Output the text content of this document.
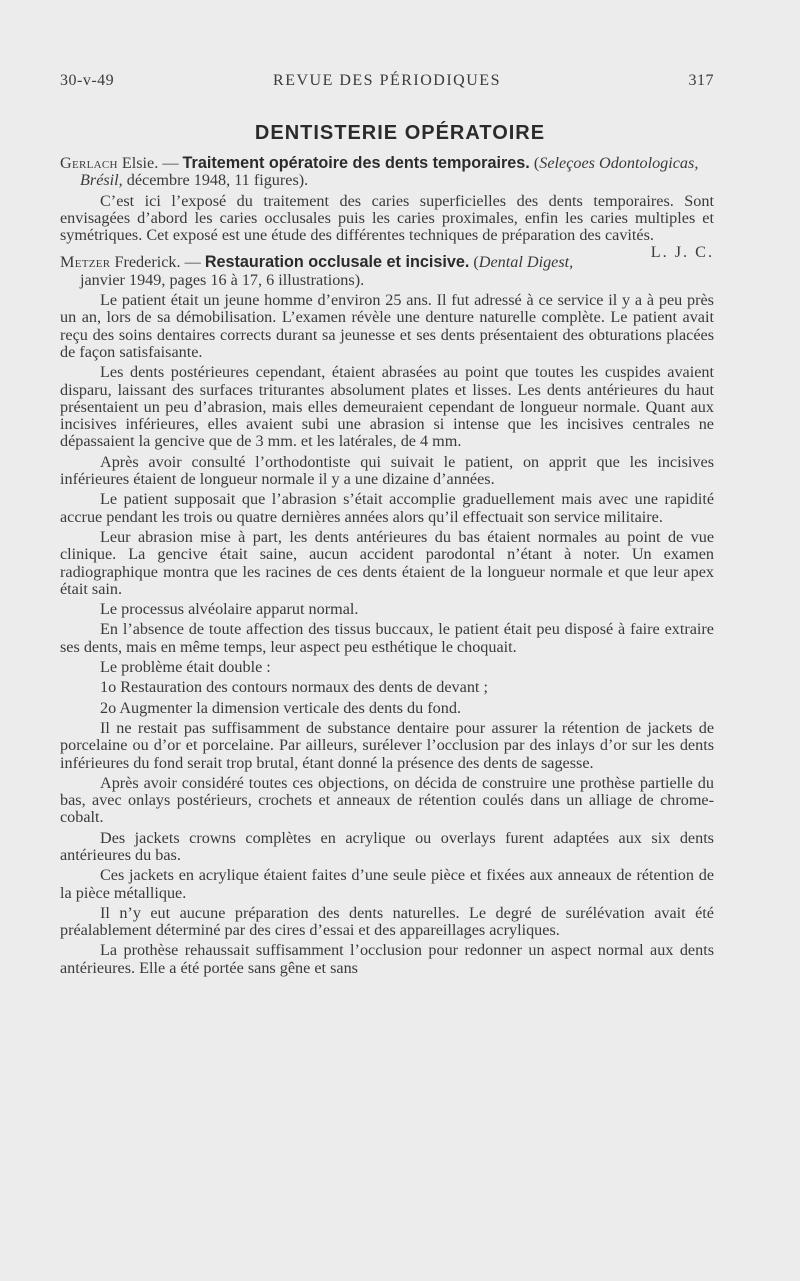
30-v-49	REVUE DES PÉRIODIQUES	317
DENTISTERIE OPÉRATOIRE

Gerlach Elsie. — Traitement opératoire des dents temporaires. (Seleçoes Odontologicas, Brésil, décembre 1948, 11 figures).

C’est ici l’exposé du traitement des caries superficielles des dents temporaires. Sont envisagées d’abord les caries occlusales puis les caries proximales, enfin les caries multiples et symétriques. Cet exposé est une étude des différentes techniques de préparation des cavités.
L. J. C.

Metzer Frederick. — Restauration occlusale et incisive. (Dental Digest, janvier 1949, pages 16 à 17, 6 illustrations).

Le patient était un jeune homme d’environ 25 ans. Il fut adressé à ce service il y a à peu près un an, lors de sa démobilisation. L’examen révèle une denture naturelle complète. Le patient avait reçu des soins dentaires corrects durant sa jeunesse et ses dents présentaient des obturations placées de façon satisfaisante.

Les dents postérieures cependant, étaient abrasées au point que toutes les cuspides avaient disparu, laissant des surfaces triturantes absolument plates et lisses. Les dents antérieures du haut présentaient un peu d’abrasion, mais elles demeuraient cependant de longueur normale. Quant aux incisives inférieures, elles avaient subi une abrasion si intense que les incisives centrales ne dépassaient la gencive que de 3 mm. et les latérales, de 4 mm.

Après avoir consulté l’orthodontiste qui suivait le patient, on apprit que les incisives inférieures étaient de longueur normale il y a une dizaine d’années.

Le patient supposait que l’abrasion s’était accomplie graduellement mais avec une rapidité accrue pendant les trois ou quatre dernières années alors qu’il effectuait son service militaire.

Leur abrasion mise à part, les dents antérieures du bas étaient normales au point de vue clinique. La gencive était saine, aucun accident parodontal n’étant à noter. Un examen radiographique montra que les racines de ces dents étaient de la longueur normale et que leur apex était sain.

Le processus alvéolaire apparut normal.

En l’absence de toute affection des tissus buccaux, le patient était peu disposé à faire extraire ses dents, mais en même temps, leur aspect peu esthétique le choquait.

Le problème était double :

1o Restauration des contours normaux des dents de devant ;

2o Augmenter la dimension verticale des dents du fond.

Il ne restait pas suffisamment de substance dentaire pour assurer la rétention de jackets de porcelaine ou d’or et porcelaine. Par ailleurs, surélever l’occlusion par des inlays d’or sur les dents inférieures du fond serait trop brutal, étant donné la présence des dents de sagesse.

Après avoir considéré toutes ces objections, on décida de construire une prothèse partielle du bas, avec onlays postérieurs, crochets et anneaux de rétention coulés dans un alliage de chrome-cobalt.

Des jackets crowns complètes en acrylique ou overlays furent adaptées aux six dents antérieures du bas.

Ces jackets en acrylique étaient faites d’une seule pièce et fixées aux anneaux de rétention de la pièce métallique.

Il n’y eut aucune préparation des dents naturelles. Le degré de surélévation avait été préalablement déterminé par des cires d’essai et des appareillages acryliques.

La prothèse rehaussait suffisamment l’occlusion pour redonner un aspect normal aux dents antérieures. Elle a été portée sans gêne et sans
